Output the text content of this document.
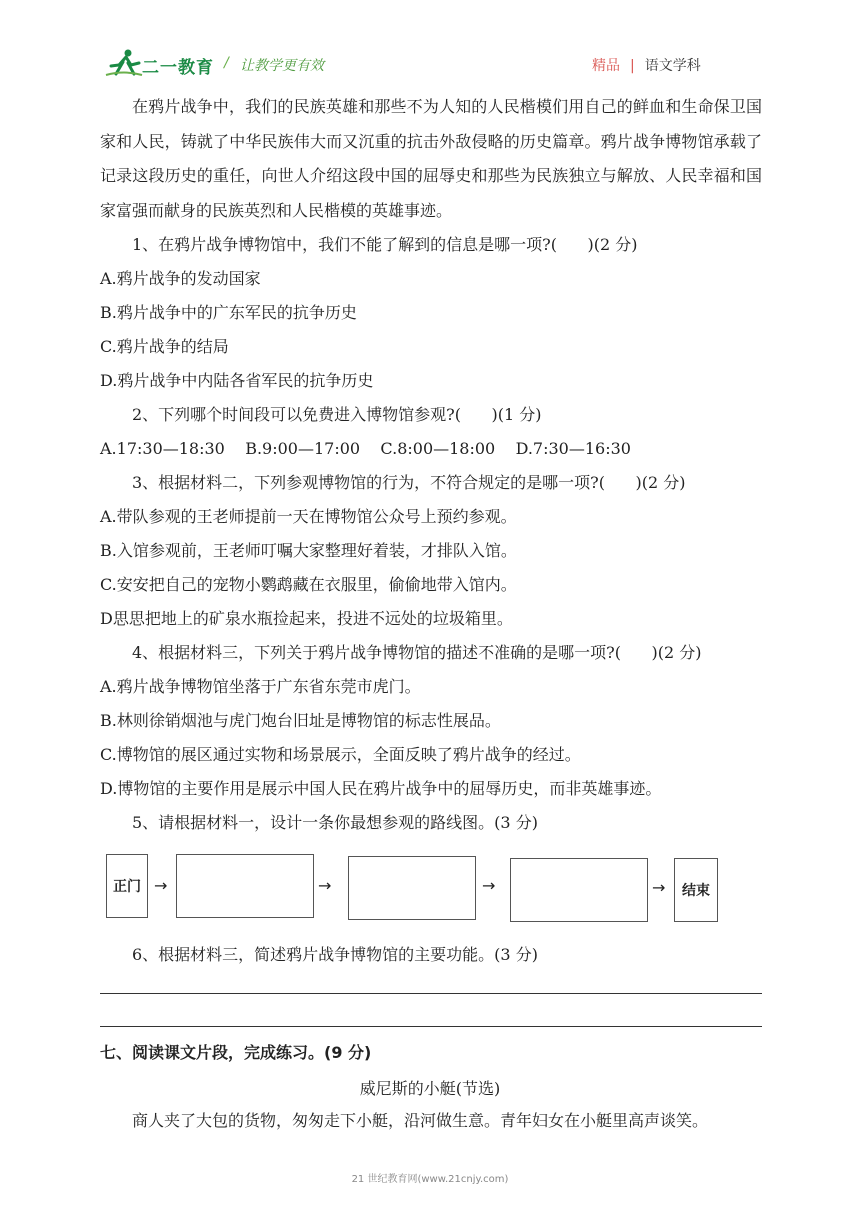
二一教育 / 让教学更有效	精品 | 语文学科

在鸦片战争中，我们的民族英雄和那些不为人知的人民楷模们用自己的鲜血和生命保卫国家和人民，铸就了中华民族伟大而又沉重的抗击外敌侵略的历史篇章。鸦片战争博物馆承载了记录这段历史的重任，向世人介绍这段中国的屈辱史和那些为民族独立与解放、人民幸福和国家富强而献身的民族英烈和人民楷模的英雄事迹。

1、在鸦片战争博物馆中，我们不能了解到的信息是哪一项?(      )(2 分)

A.鸦片战争的发动国家

B.鸦片战争中的广东军民的抗争历史

C.鸦片战争的结局

D.鸦片战争中内陆各省军民的抗争历史

2、下列哪个时间段可以免费进入博物馆参观?(      )(1 分)

A.17:30—18:30    B.9:00—17:00    C.8:00—18:00    D.7:30—16:30

3、根据材料二，下列参观博物馆的行为，不符合规定的是哪一项?(      )(2 分)

A.带队参观的王老师提前一天在博物馆公众号上预约参观。

B.入馆参观前，王老师叮嘱大家整理好着装，才排队入馆。

C.安安把自己的宠物小鹦鹉藏在衣服里，偷偷地带入馆内。

D思思把地上的矿泉水瓶捡起来，投进不远处的垃圾箱里。

4、根据材料三，下列关于鸦片战争博物馆的描述不准确的是哪一项?(      )(2 分)

A.鸦片战争博物馆坐落于广东省东莞市虎门。

B.林则徐销烟池与虎门炮台旧址是博物馆的标志性展品。

C.博物馆的展区通过实物和场景展示，全面反映了鸦片战争的经过。

D.博物馆的主要作用是展示中国人民在鸦片战争中的屈辱历史，而非英雄事迹。

5、请根据材料一，设计一条你最想参观的路线图。(3 分)

正门 →	→	→	→ 结束

6、根据材料三，简述鸦片战争博物馆的主要功能。(3 分)

七、阅读课文片段，完成练习。(9 分)
威尼斯的小艇(节选)
商人夹了大包的货物，匆匆走下小艇，沿河做生意。青年妇女在小艇里高声谈笑。
21 世纪教育网(www.21cnjy.com)
